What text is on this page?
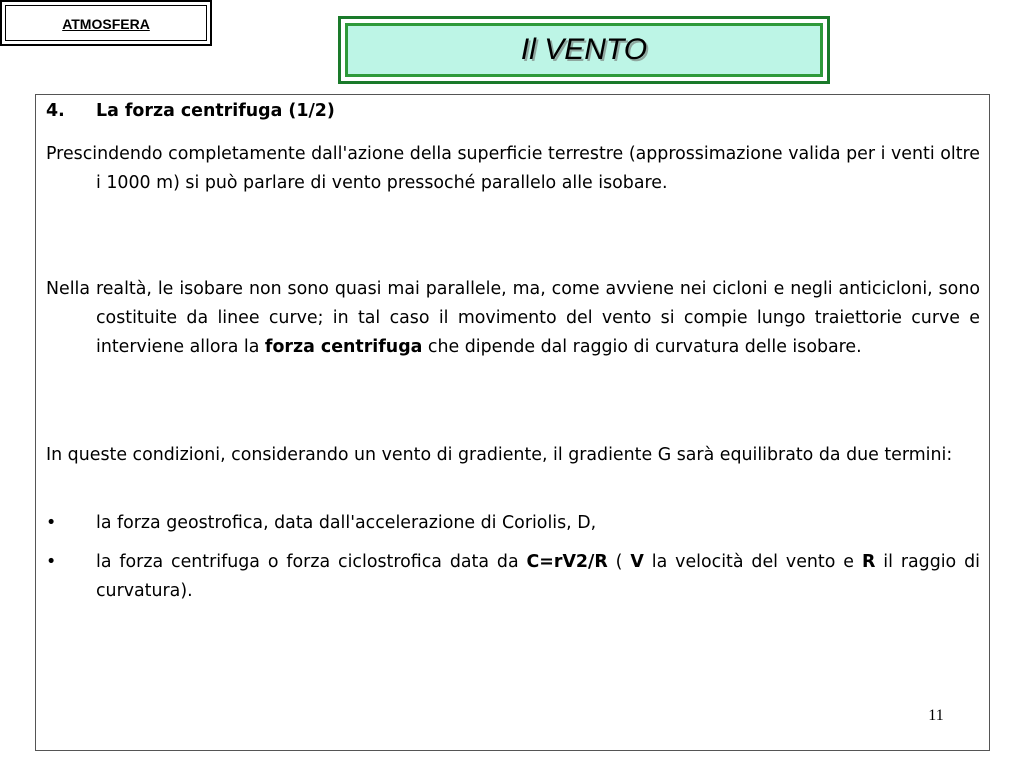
ATMOSFERA
Il VENTO

4. La forza centrifuga (1/2)

Prescindendo completamente dall'azione della superficie terrestre (approssimazione valida per i venti oltre i 1000 m) si può parlare di vento pressoché parallelo alle isobare.

Nella realtà, le isobare non sono quasi mai parallele, ma, come avviene nei cicloni e negli anticicloni, sono costituite da linee curve; in tal caso il movimento del vento si compie lungo traiettorie curve e interviene allora la forza centrifuga che dipende dal raggio di curvatura delle isobare.

In queste condizioni, considerando un vento di gradiente, il gradiente G sarà equilibrato da due termini:

• la forza geostrofica, data dall'accelerazione di Coriolis, D,

• la forza centrifuga o forza ciclostrofica data da C=rV2/R ( V la velocità del vento e R il raggio di curvatura).

11
